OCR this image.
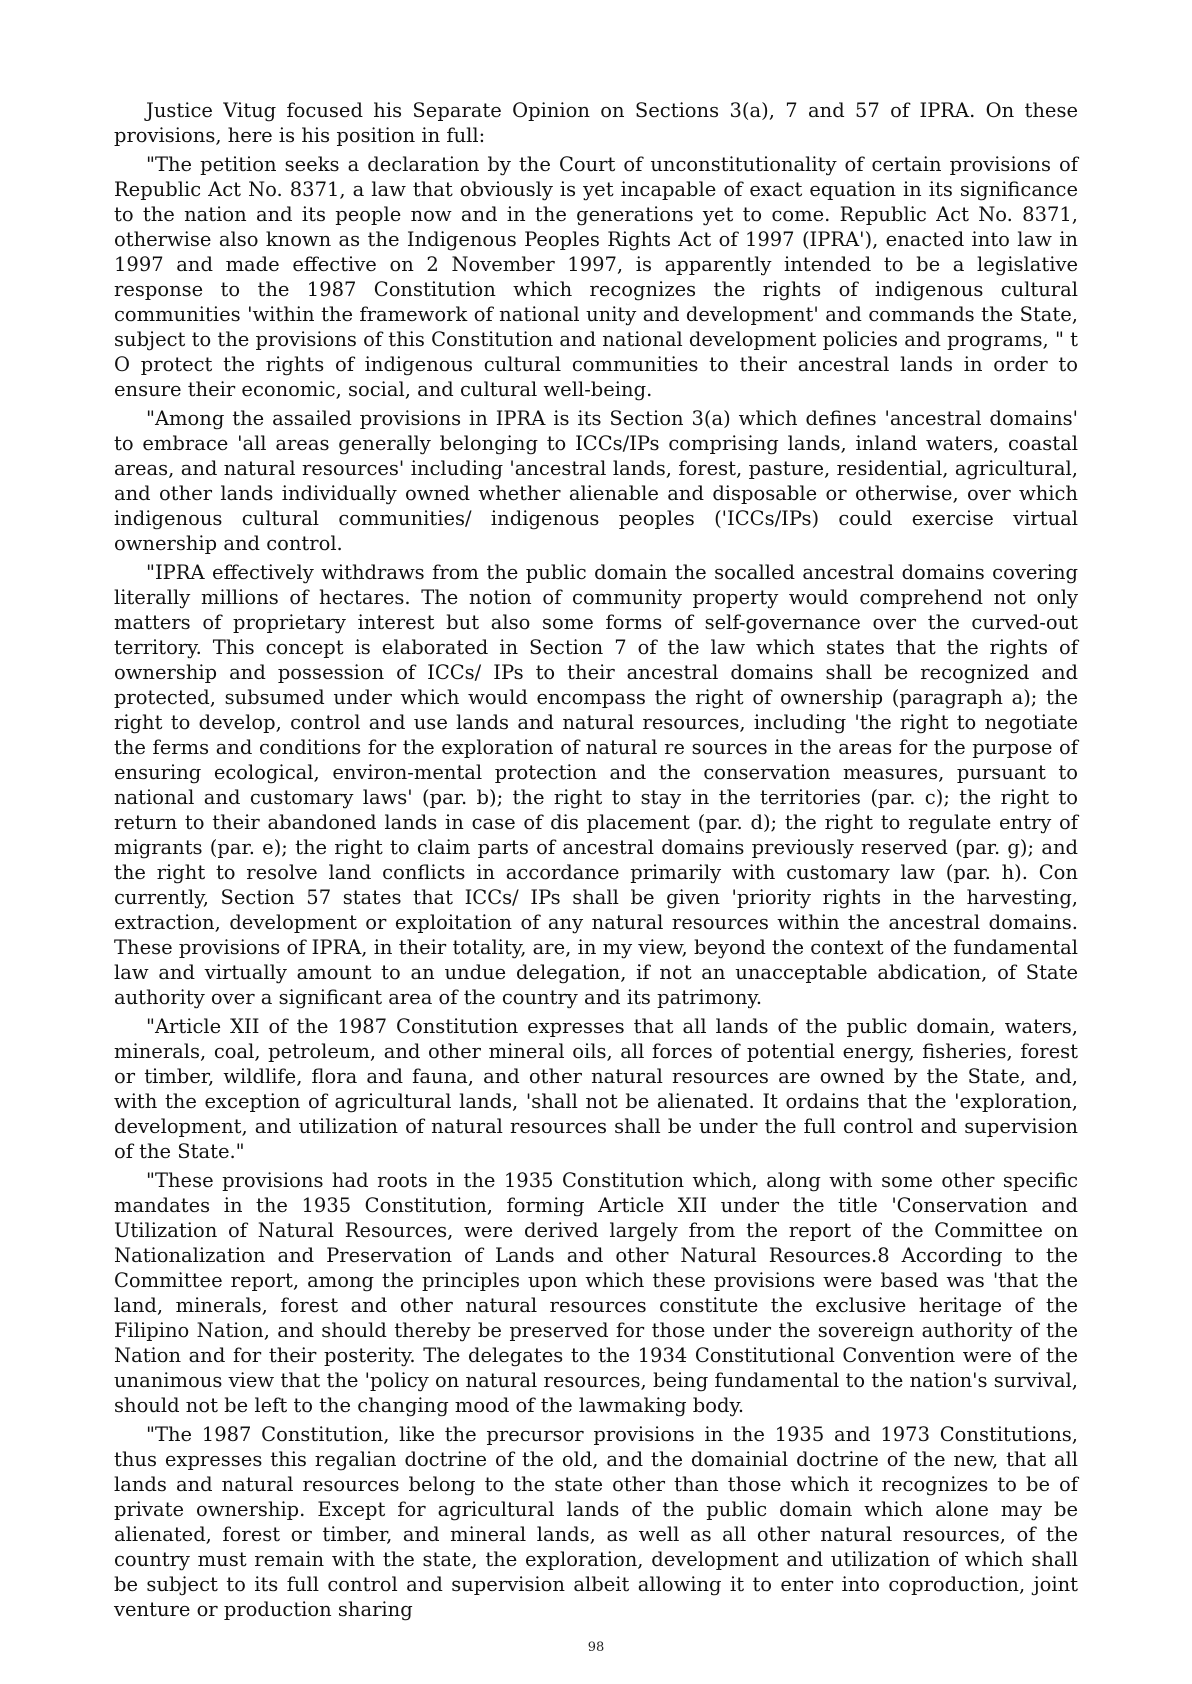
Justice Vitug focused his Separate Opinion on Sections 3(a), 7 and 57 of IPRA. On these provisions, here is his position in full:

"The petition seeks a declaration by the Court of unconstitutionality of certain provisions of Republic Act No. 8371, a law that obviously is yet incapable of exact equation in its significance to the nation and its people now and in the generations yet to come. Republic Act No. 8371, otherwise also known as the Indigenous Peoples Rights Act of 1997 (IPRA'), enacted into law in 1997 and made effective on 2 November 1997, is apparently intended to be a legislative response to the 1987 Constitution which recognizes the rights of indigenous cultural communities 'within the framework of national unity and development' and commands the State, subject to the provisions of this Constitution and national development policies and programs, " t O protect the rights of indigenous cultural communities to their ancestral lands in order to ensure their economic, social, and cultural well-being.

"Among the assailed provisions in IPRA is its Section 3(a) which defines 'ancestral domains' to embrace 'all areas generally belonging to ICCs/IPs comprising lands, inland waters, coastal areas, and natural resources' including 'ancestral lands, forest, pasture, residential, agricultural, and other lands individually owned whether alienable and disposable or otherwise, over which indigenous cultural communities/ indigenous peoples ('ICCs/IPs) could exercise virtual ownership and control.

"IPRA effectively withdraws from the public domain the socalled ancestral domains covering literally millions of hectares. The notion of community property would comprehend not only matters of proprietary interest but also some forms of self-governance over the curved-out territory. This concept is elaborated in Section 7 of the law which states that the rights of ownership and possession of ICCs/ IPs to their ancestral domains shall be recognized and protected, subsumed under which would encompass the right of ownership (paragraph a); the right to develop, control and use lands and natural resources, including 'the right to negotiate the ferms and conditions for the exploration of natural re sources in the areas for the purpose of ensuring ecological, environ-mental protection and the conservation measures, pursuant to national and customary laws' (par. b); the right to stay in the territories (par. c); the right to return to their abandoned lands in case of dis placement (par. d); the right to regulate entry of migrants (par. e); the right to claim parts of ancestral domains previously reserved (par. g); and the right to resolve land conflicts in accordance primarily with customary law (par. h). Con currently, Section 57 states that ICCs/ IPs shall be given 'priority rights in the harvesting, extraction, development or exploitation of any natural resources within the ancestral domains. These provisions of IPRA, in their totality, are, in my view, beyond the context of the fundamental law and virtually amount to an undue delegation, if not an unacceptable abdication, of State authority over a significant area of the country and its patrimony.

"Article XII of the 1987 Constitution expresses that all lands of the public domain, waters, minerals, coal, petroleum, and other mineral oils, all forces of potential energy, fisheries, forest or timber, wildlife, flora and fauna, and other natural resources are owned by the State, and, with the exception of agricultural lands, 'shall not be alienated. It ordains that the 'exploration, development, and utilization of natural resources shall be under the full control and supervision of the State."

"These provisions had roots in the 1935 Constitution which, along with some other specific mandates in the 1935 Constitution, forming Article XII under the title 'Conservation and Utilization of Natural Resources, were derived largely from the report of the Committee on Nationalization and Preservation of Lands and other Natural Resources.8 According to the Committee report, among the principles upon which these provisions were based was 'that the land, minerals, forest and other natural resources constitute the exclusive heritage of the Filipino Nation, and should thereby be preserved for those under the sovereign authority of the Nation and for their posterity. The delegates to the 1934 Constitutional Convention were of the unanimous view that the 'policy on natural resources, being fundamental to the nation's survival, should not be left to the changing mood of the lawmaking body.

"The 1987 Constitution, like the precursor provisions in the 1935 and 1973 Constitutions, thus expresses this regalian doctrine of the old, and the domainial doctrine of the new, that all lands and natural resources belong to the state other than those which it recognizes to be of private ownership. Except for agricultural lands of the public domain which alone may be alienated, forest or timber, and mineral lands, as well as all other natural resources, of the country must remain with the state, the exploration, development and utilization of which shall be subject to its full control and supervision albeit allowing it to enter into coproduction, joint venture or production sharing

98
